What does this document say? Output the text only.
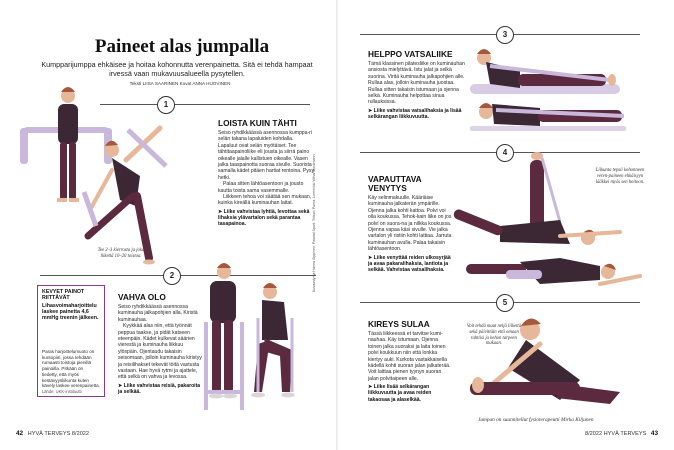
Paineet alas jumpalla

Kumpparijumppa ehkäisee ja hoitaa kohonnutta verenpainetta. Sitä ei tehdä hampaat irvessä vaan mukavuusalueella pysytellen.

Teksti LIISA SAARINEN Kuvat ANNA HUOVINEN

1
2
3
4
5
LOISTA KUIN TÄHTI

Seiso ryhdikkäässä asennossa kumppa-ri selän takana lapaluiden kohdalla. Lapaluut ovat selän myötäiset. Tee tähtitaapainoliike eli jousta ja siirrä paino oikealle jalalle kallistuen oikealle. Vasen jalka taaspainotta suoraa sivulle. Suorista samalla kädet pitäen hartiat rentoina. Pysy hetki.

Palaa sitten lähtöasentoon ja jousto kautta toista sama vasemmalle.

Liikkeen tehoa voi säätää sen mukaan, kuinka kireällä kuminauhan laitat.

➤ Liike vahvistaa lyhtiä, levottaa sekä lihaksia ylävartalon sekä parantaa tasapainoa.
Tee 2–3 kierrosta ja joka liikettä 10–20 toistoa.
KEVYET PAINOT RIITTÄVÄT
Lihasvoimaharjoittelu laskee painetta 4,6 mmHg treenin jälkeen.
Paras harjoittelumuoto on kuntopiiri, jossa tehdään rumaasti toistoja pienillä painoilla. Pitkään on tiedetty, että myös kestävyysliikunta kuten kävely laskee verenpainetta.
Lähde: UKK-instituutti
VAHVA OLO

Seiso ryhdikkäässä asennossa kuminauha jalkapohjien alla. Kiristä kuminauhaa.

Kyykkää alas niin, että työnnät peppua taakse, ja pidät katseen eteenpäin. Kädet kulkevat säärien vierestä ja kuminauha liikkuu ylöspäin. Ojentaudu takaisin seisomaan, jolloin kuminauha kiristyy ja reisilihakset tekevät töitä vastusta vastaan. Hae hyvä rytmi ja ajattele, että selkä on vahva ja levossa.

➤ Liike vahvistaa reisiä, pakaroita ja selkää.
Kuvauslyhyt:Hanna Sippinen, Paswal Sport, Tribuni Puma, Lemmikki Wiha/Stockmann
HELPPO VATSALIIKE

Tämä klassinen pilatesliike on kuminauhan ansiosta mielyttävä. Istu jalat ja selkä suorina. Viritä kuminauha jalkapohjien alle. Rullaa alas, jolloin kuminauha juostaa. Rullaa sitten takaisin istumaan ja ojenna selkä. Kuminauha helpottaa sinua rullauksissa.

➤ Liike vahvistaa vatsalihaksia ja lisää selkärangan liikkuvuutta.
VAPAUTTAVA VENYTYS

Käy selinmakuulle. Kääriäise kuminauha jalkaterän ympärille. Ojenna jalka kohti kattoa. Polvi voi olla koukussa. Tehok-kain liike on jos polvi on suora-na ja nilkka koukussa. Ojenna vapaa käsi sivulle. Vie jalka vartalon yli ristiin kohti lattiaa. Jarruta kuminauhan avulla. Palaa takaisin lähtöasentoon.

➤ Liike venyttää reiden ulkosyrjää ja avaa pakaralihaksia, lantiota ja selkää. Vahvistaa vatsalihaksia.
Liikunta tepsii kohonneen veren-paineen ehkäisyyn lääkkei myös sen hoitoon.
KIREYS SULAA

Tässä liikkeessä et tarvitse kumi-nauhaa. Käy istumaan. Ojenna toinen jalka suoraksi ja laita toinen polvi koukkuun niin että lonkka kiertyy auki. Kurkota vastakkaisella kädellä kohti suoran jalan jalkaterää. Voit laittaa pienen tyynyn suoran jalan polvitaipeen alle.

➤ Liike lisää selkärangan liikkuvuutta ja avaa reiden takaosaa ja alaselkää.
Voit tehdä muut neljä liikettä sekä päivittäin että omaan tahtiisi ja kehon tarpeen mukaan.
Jumpan on suunnitellut fysioterapeutti Mirka Kiljunen
42 HYVÄ TERVEYS 8/2022	8/2022 HYVÄ TERVEYS 43
